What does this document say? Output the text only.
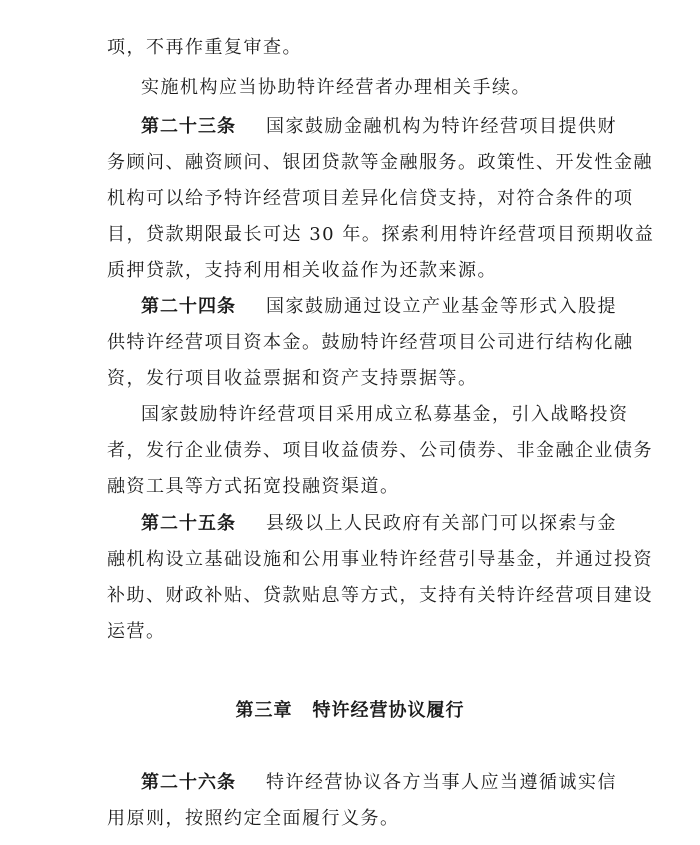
项，不再作重复审查。
实施机构应当协助特许经营者办理相关手续。
第二十三条 国家鼓励金融机构为特许经营项目提供财
务顾问、融资顾问、银团贷款等金融服务。政策性、开发性金融
机构可以给予特许经营项目差异化信贷支持，对符合条件的项
目，贷款期限最长可达 30 年。探索利用特许经营项目预期收益
质押贷款，支持利用相关收益作为还款来源。
第二十四条 国家鼓励通过设立产业基金等形式入股提
供特许经营项目资本金。鼓励特许经营项目公司进行结构化融
资，发行项目收益票据和资产支持票据等。
国家鼓励特许经营项目采用成立私募基金，引入战略投资
者，发行企业债券、项目收益债券、公司债券、非金融企业债务
融资工具等方式拓宽投融资渠道。
第二十五条 县级以上人民政府有关部门可以探索与金
融机构设立基础设施和公用事业特许经营引导基金，并通过投资
补助、财政补贴、贷款贴息等方式，支持有关特许经营项目建设
运营。
第三章 特许经营协议履行
第二十六条 特许经营协议各方当事人应当遵循诚实信
用原则，按照约定全面履行义务。
